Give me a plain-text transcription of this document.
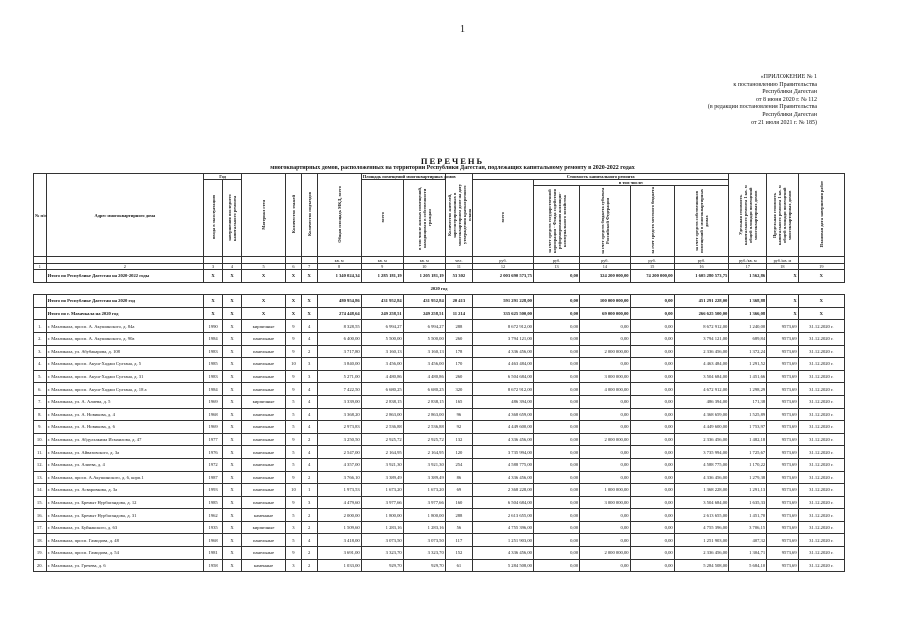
1
«ПРИЛОЖЕНИЕ № 1
к постановлению Правительства
Республики Дагестан
от 8 июня 2020 г. № 112
(в редакции постановления Правительства
Республики Дагестан
от 21 июля 2021 г. № 185)
ПЕРЕЧЕНЬ
многоквартирных домов, расположенных на территории Республики Дагестан, подлежащих капитальному ремонту в 2020-2022 годах
№ п/п	Адрес многоквартирного дома	Год		Материал стен	Количество этажей	Количество подъездов	Общая площадь МКД, всего	Площадь помещений многоквартирных домов		Количество жителей, зарегистрированных в многоквартирном доме на дату утверждения краткосрочного плана	Стоимость капитального ремонта					Удельная стоимость капитального ремонта 1 кв. м общей площади помещений многоквартирных домов	Предельная стоимость капитального ремонта 1 кв. м общей площади помещений многоквартирных домов	Плановая дата завершения работ
		ввода в эксплуатацию	завершения последнего капитального ремонта					всего	в том числе жилых помещений, находящихся в собственности граждан		всего	в том числе:						
												за счет средств государственной корпорации - Фонда содействия реформированию жилищно-коммунального хозяйства	за счет средств бюджета субъекта Российской Федерации	за счет средств местного бюджета	за счет средств собственников помещений в многоквартирных домах			
							кв. м	кв. м	кв. м	чел.	руб.	руб.	руб.	руб.	руб.	руб./кв. м	руб./кв. м	
1	2	3	4	5	6	7	8	9	10	11	12	13	14	15	16	17	18	19
	Итого по Республике Дагестан на 2020-2022 годы	X	X	X	X	X	1 340 024,34	1 285 181,19	1 205 181,19	53 302	2 003 690 573,75	0,00	324 200 000,00	74 200 000,00	1 605 280 573,75	1 562,86	X	X
2020 год																		
	Итого по Республике Дагестан на 2020 год	X	X	X	X	X	480 954,86	431 952,84	431 952,84	20 413	591 291 228,00	0,00	100 000 000,00	0,00	451 291 228,00	1 368,88	X	X
	Итого по г. Махачкала на 2020 год	X	X	X	X	X	274 448,64	249 258,51	249 258,51	11 214	335 625 500,00	0,00	69 000 000,00	0,00	266 625 500,00	1 366,08	X	X
1.	г. Махачкала, просп. А. Акушинского, д. 84а	1990	X	кирпичные	9	4	8 328,55	6 994,27	6 994,27	288	8 672 912,00	0,00	0,00	0,00	8 672 912,00	1 240,00	9573,69	31.12.2020 г.
2.	г. Махачкала, просп. А. Акушинского, д. 90а	1984	X	панельные	9	4	6 400,00	5 500,00	5 500,00	260	3 794 121,00	0,00	0,00	0,00	3 794 121,00	689,84	9573,69	31.12.2020 г.
3.	г. Махачкала, ул. Абубакарова, д. 108	1983	X	панельные	9	2	3 717,80	3 160,13	3 160,13	178	4 336 456,00	0,00	2 000 000,00	0,00	2 336 456,00	1 372,24	9573,69	31.12.2020 г.
4.	г. Махачкала, просп. Акуш-Хаджи Султана, д. 5	1985	X	панельные	10	3	3 840,00	3 456,00	3 456,00	170	4 463 484,00	0,00	0,00	0,00	4 463 484,00	1 291,52	9573,69	31.12.2020 г.
5.	г. Махачкала, просп. Акуш-Хаджи Султана, д. 31	1983	X	панельные	9	3	5 271,00	4 480,86	4 480,86	260	6 504 684,00	0,00	3 000 000,00	0,00	3 504 684,00	1 451,66	9573,69	31.12.2020 г.
6.	г. Махачкала, просп. Акуш-Хаджи Султана, д. 18 а	1984	X	панельные	9	4	7 422,50	6 680,25	6 680,25	320	8 672 912,00	0,00	4 000 000,00	0,00	4 672 912,00	1 298,29	9573,69	31.12.2020 г.
7.	г. Махачкала, ул. А. Алиева, д. 5	1969	X	кирпичные	5	4	3 339,00	2 838,15	2 838,15	165	486 394,00	0,00	0,00	0,00	486 394,00	171,38	9573,69	31.12.2020 г.
8.	г. Махачкала, ул. А. Новикова, д. 4	1968	X	панельные	5	4	3 368,20	2 863,00	2 863,00	96	4 368 659,00	0,00	0,00	0,00	4 368 659,00	1 525,89	9573,69	31.12.2020 г.
9.	г. Махачкала, ул. А. Новикова, д. 6	1969	X	панельные	5	4	2 973,83	2 536,88	2 536,88	92	4 449 600,00	0,00	0,00	0,00	4 449 600,00	1 753,97	9573,69	31.12.2020 г.
10.	г. Махачкала, ул. Абдулхакима Исмаилова, д. 47	1977	X	панельные	9	2	3 250,50	2 925,72	2 925,72	132	4 336 456,00	0,00	2 000 000,00	0,00	2 336 456,00	1 482,18	9573,69	31.12.2020 г.
11.	г. Махачкала, ул. Айвазовского, д. 3а	1976	X	панельные	5	4	2 547,00	2 164,95	2 164,95	120	3 735 994,00	0,00	0,00	0,00	3 735 994,00	1 725,67	9573,69	31.12.2020 г.
12.	г. Махачкала, ул. Алиева, д. 4	1972	X	панельные	5	4	4 357,00	3 921,30	3 921,30	254	4 588 775,00	0,00	0,00	0,00	4 588 775,00	1 170,22	9573,69	31.12.2020 г.
13.	г. Махачкала, просп. А.Акушинского, д. 6, корп.1	1987	X	панельные	9	2	3 766,10	3 389,49	3 389,49	86	4 336 456,00	0,00	0,00	0,00	4 336 456,00	1 279,38	9573,69	31.12.2020 г.
14.	г. Махачкала, ул. Асваровкова, д. 3а	1993	X	панельные	10	1	1 973,53	1 673,20	1 673,20	69	2 368 228,00	0,00	1 000 000,00	0,00	1 368 228,00	1 291,13	9573,69	31.12.2020 г.
15.	г. Махачкала, ул. Бремыт Нурбагандова, д. 12	1985	X	панельные	9	3	4 479,60	3 977,66	3 977,66	160	6 504 684,00	0,00	3 000 000,00	0,00	3 504 684,00	1 635,33	9573,69	31.12.2020 г.
16.	г. Махачкала, ул. Бремыт Нурбагандова, д. 31	1962	X	каменные	5	2	2 000,00	1 800,00	1 800,00	288	2 613 655,00	0,00	0,00	0,00	2 613 655,00	1 451,70	9573,69	31.12.2020 г.
17.	г. Махачкала, ул. Буйнакского, д. 63	1935	X	кирпичные	3	2	1 509,60	1 283,16	1 283,16	56	4 755 396,00	0,00	0,00	0,00	4 755 396,00	3 706,15	9573,69	31.12.2020 г.
18.	г. Махачкала, просп. Гамидова, д. 48	1968	X	панельные	5	4	3 418,00	3 073,50	3 073,50	117	1 251 903,00	0,00	0,00	0,00	1 251 903,00	407,32	9573,69	31.12.2020 г.
19.	г. Махачкала, просп. Гамидова, д. 54	1981	X	панельные	9	2	3 691,00	3 323,70	3 323,70	152	4 336 456,00	0,00	2 000 000,00	0,00	2 336 456,00	1 304,71	9573,69	31.12.2020 г.
20.	г. Махачкала, ул. Гречева, д. 6	1958	X	каменные	3	2	1 033,00	929,70	929,70	61	5 284 508,00	0,00	0,00	0,00	5 284 508,00	5 684,10	9573,69	31.12.2020 г.
